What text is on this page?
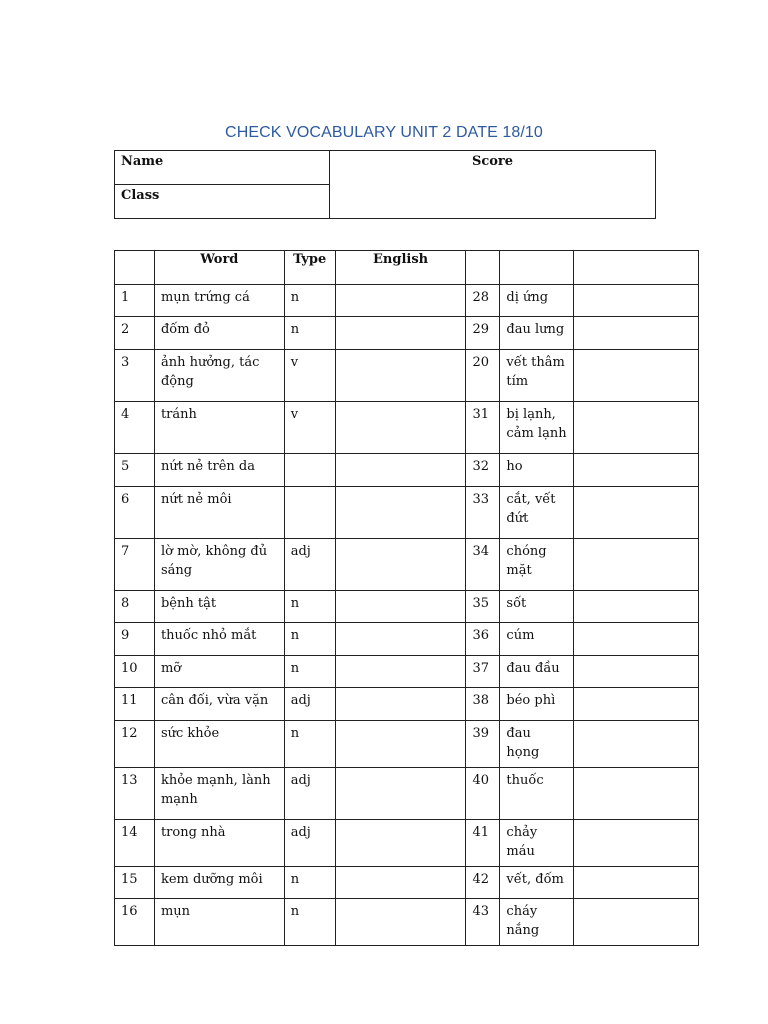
CHECK VOCABULARY UNIT 2 DATE 18/10
Name	Score
Class
	Word	Type	English			
1	mụn trứng cá	n		28	dị ứng	
2	đốm đỏ	n		29	đau lưng	
3	ảnh hưởng, tác động	v		20	vết thâm tím	
4	tránh	v		31	bị lạnh, cảm lạnh	
5	nứt nẻ trên da			32	ho	
6	nứt nẻ môi			33	cắt, vết đứt	
7	lờ mờ, không đủ sáng	adj		34	chóng mặt	
8	bệnh tật	n		35	sốt	
9	thuốc nhỏ mắt	n		36	cúm	
10	mỡ	n		37	đau đầu	
11	cân đối, vừa vặn	adj		38	béo phì	
12	sức khỏe	n		39	đau họng	
13	khỏe mạnh, lành mạnh	adj		40	thuốc	
14	trong nhà	adj		41	chảy máu	
15	kem dưỡng môi	n		42	vết, đốm	
16	mụn	n		43	cháy nắng	
